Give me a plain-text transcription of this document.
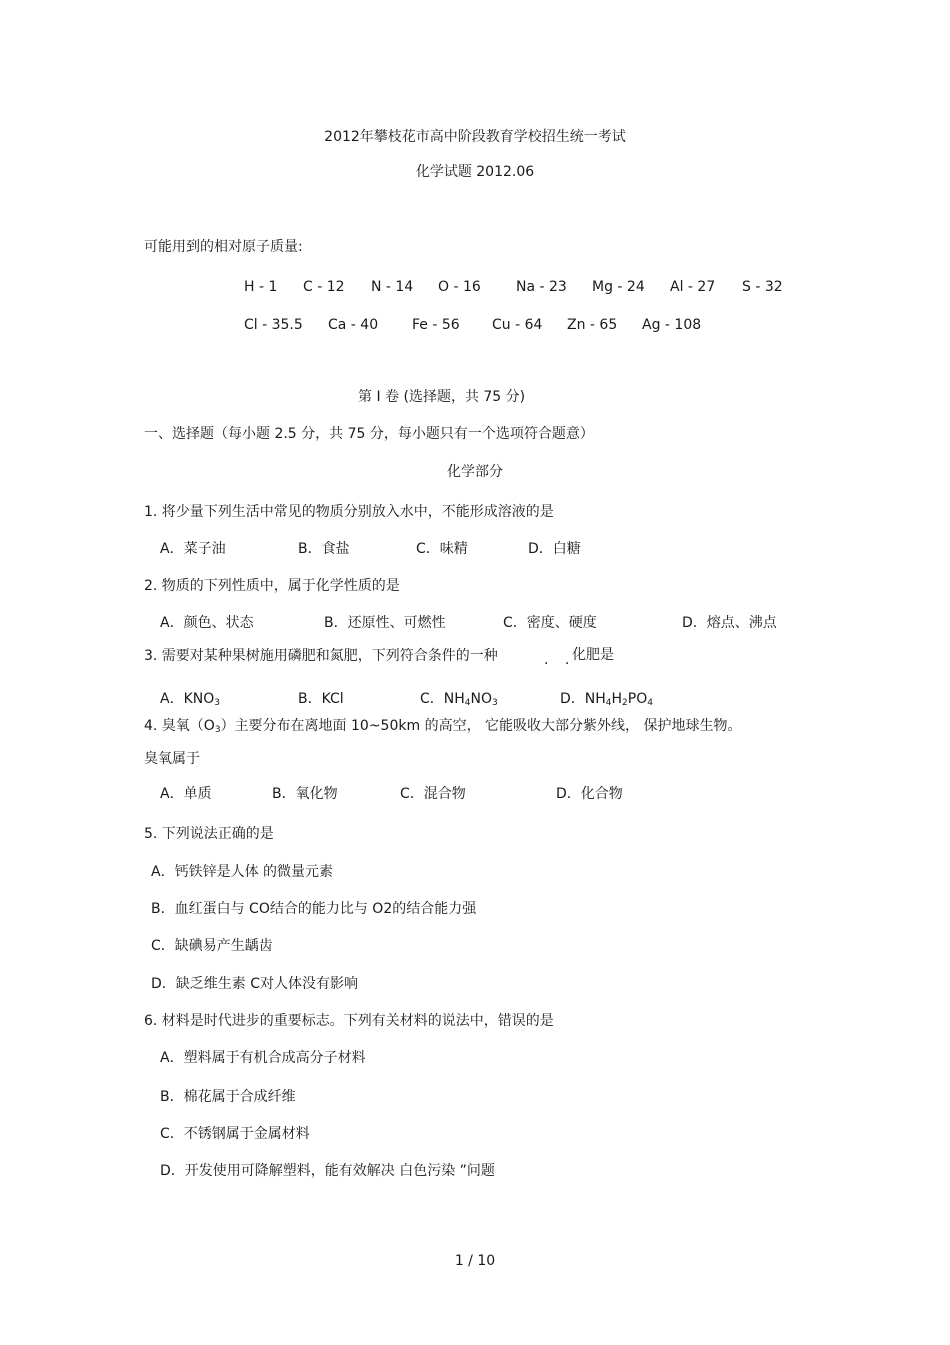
2012年攀枝花市高中阶段教育学校招生统一考试
化学试题 2012.06
可能用到的相对原子质量:
H - 1 C - 12 N - 14 O - 16	Na - 23 Mg - 24 Al - 27 S - 32
Cl - 35.5 Ca - 40 Fe - 56 Cu - 64 Zn - 65 Ag - 108
第 I 卷 (选择题，共 75 分)
一、选择题（每小题 2.5 分，共 75 分，每小题只有一个选项符合题意）
化学部分
1. 将少量下列生活中常见的物质分别放入水中，不能形成溶液的是
A．菜子油	B．食盐	C．味精	D．白糖
2. 物质的下列性质中，属于化学性质的是
A．颜色、状态	B．还原性、可燃性	C．密度、硬度	D．熔点、沸点
3. 需要对某种果树施用磷肥和氮肥，下列符合条件的一种	. .
化肥是
A．$KNO_3$	B．KCl	C．$NH_4NO_3$	D．$NH_4H_2PO_4$
4. 臭氧$(O_3)$主要分布在离地面 10~50km 的高空， 它能吸收大部分紫外线， 保护地球生物。
臭氧属于
A．单质	B．氧化物	C．混合物	D．化合物
5. 下列说法正确的是
A．钙铁锌是人体 的微量元素
B．血红蛋白与 CO结合的能力比与 O2的结合能力强
C．缺碘易产生龋齿
D．缺乏维生素 C对人体没有影响
6. 材料是时代进步的重要标志。下列有关材料的说法中，错误的是
A．塑料属于有机合成高分子材料
B．棉花属于合成纤维
C．不锈钢属于金属材料
D．开发使用可降解塑料，能有效解决 白色污染 ”问题
1 / 10
